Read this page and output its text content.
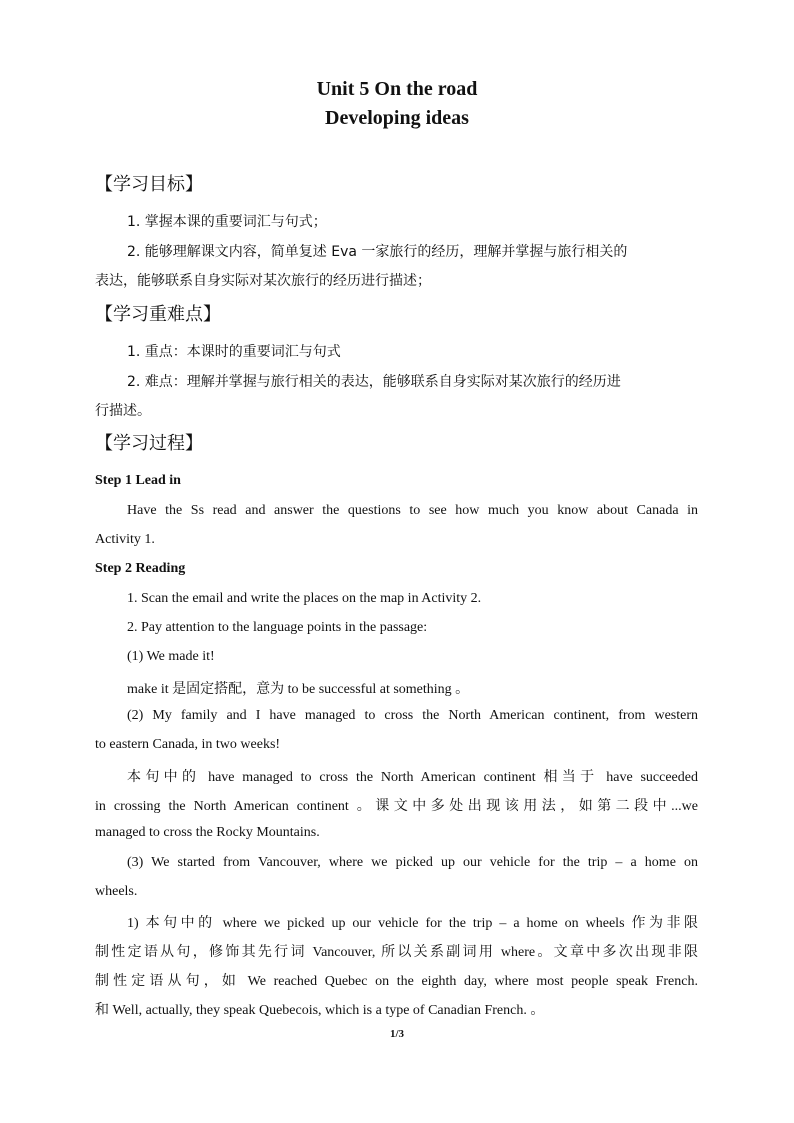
Unit 5 On the road
Developing ideas
【学习目标】
1. 掌握本课的重要词汇与句式；
2. 能够理解课文内容，简单复述 Eva 一家旅行的经历，理解并掌握与旅行相关的
表达，能够联系自身实际对某次旅行的经历进行描述；
【学习重难点】
1. 重点：本课时的重要词汇与句式
2. 难点：理解并掌握与旅行相关的表达，能够联系自身实际对某次旅行的经历进
行描述。
【学习过程】
Step 1 Lead in
Have the Ss read and answer the questions to see how much you know about Canada in
Activity 1.
Step 2 Reading
1. Scan the email and write the places on the map in Activity 2.
2. Pay attention to the language points in the passage:
(1) We made it!
make it 是固定搭配，意为 to be successful at something 。
(2) My family and I have managed to cross the North American continent, from western
to eastern Canada, in two weeks!
本句中的 have managed to cross the North American continent 相当于 have succeeded
in crossing the North American continent 。课文中多处出现该用法，如第二段中...we
managed to cross the Rocky Mountains.
(3) We started from Vancouver, where we picked up our vehicle for the trip – a home on
wheels.
1) 本句中的 where we picked up our vehicle for the trip – a home on wheels 作为非限
制性定语从句，修饰其先行词 Vancouver, 所以关系副词用 where。文章中多次出现非限
制性定语从句，如 We reached Quebec on the eighth day, where most people speak French.
和 Well, actually, they speak Quebecois, which is a type of Canadian French. 。
1/3
